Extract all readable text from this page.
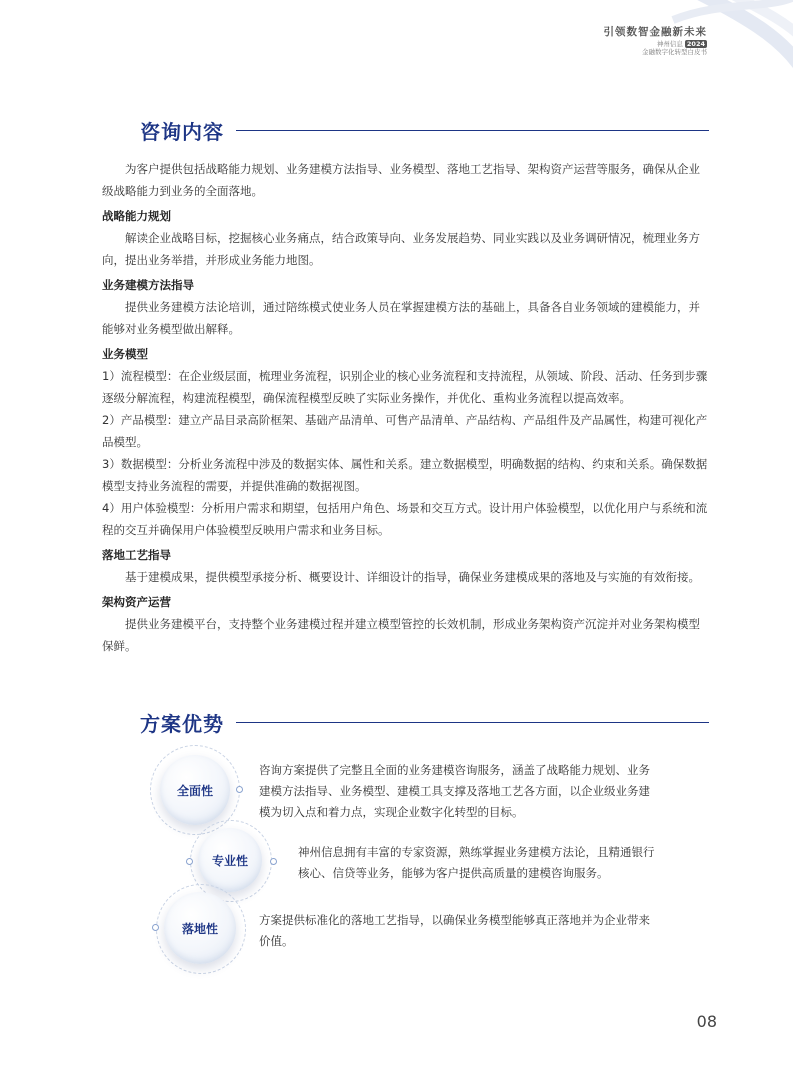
引领数智金融新未来
神州信息 2024
金融数字化转型白皮书
咨询内容

为客户提供包括战略能力规划、业务建模方法指导、业务模型、落地工艺指导、架构资产运营等服务，确保从企业级战略能力到业务的全面落地。

战略能力规划

解读企业战略目标，挖掘核心业务痛点，结合政策导向、业务发展趋势、同业实践以及业务调研情况，梳理业务方向，提出业务举措，并形成业务能力地图。

业务建模方法指导

提供业务建模方法论培训，通过陪练模式使业务人员在掌握建模方法的基础上，具备各自业务领域的建模能力，并能够对业务模型做出解释。

业务模型

1）流程模型：在企业级层面，梳理业务流程，识别企业的核心业务流程和支持流程，从领域、阶段、活动、任务到步骤逐级分解流程，构建流程模型，确保流程模型反映了实际业务操作，并优化、重构业务流程以提高效率。

2）产品模型：建立产品目录高阶框架、基础产品清单、可售产品清单、产品结构、产品组件及产品属性，构建可视化产品模型。

3）数据模型：分析业务流程中涉及的数据实体、属性和关系。建立数据模型，明确数据的结构、约束和关系。确保数据模型支持业务流程的需要，并提供准确的数据视图。

4）用户体验模型：分析用户需求和期望，包括用户角色、场景和交互方式。设计用户体验模型，以优化用户与系统和流程的交互并确保用户体验模型反映用户需求和业务目标。

落地工艺指导

基于建模成果，提供模型承接分析、概要设计、详细设计的指导，确保业务建模成果的落地及与实施的有效衔接。

架构资产运营

提供业务建模平台，支持整个业务建模过程并建立模型管控的长效机制，形成业务架构资产沉淀并对业务架构模型保鲜。

方案优势
全面性
咨询方案提供了完整且全面的业务建模咨询服务，涵盖了战略能力规划、业务建模方法指导、业务模型、建模工具支撑及落地工艺各方面，以企业级业务建模为切入点和着力点，实现企业数字化转型的目标。
专业性
神州信息拥有丰富的专家资源，熟练掌握业务建模方法论，且精通银行核心、信贷等业务，能够为客户提供高质量的建模咨询服务。
落地性
方案提供标准化的落地工艺指导，以确保业务模型能够真正落地并为企业带来价值。
08
